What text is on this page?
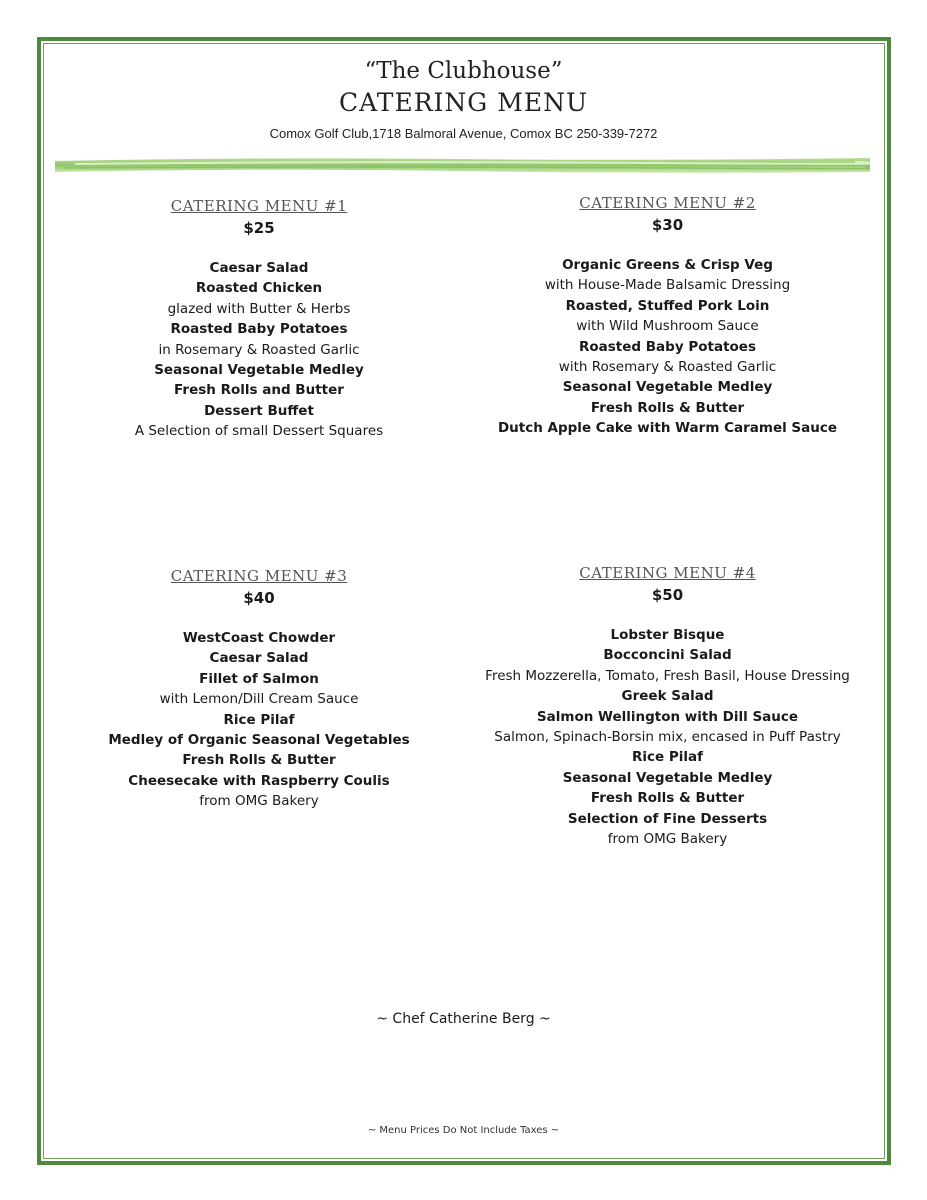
“The Clubhouse”
CATERING MENU
Comox Golf Club,1718 Balmoral Avenue, Comox BC 250-339-7272
CATERING MENU #1
$25
Caesar Salad
Roasted Chicken
glazed with Butter & Herbs
Roasted Baby Potatoes
in Rosemary & Roasted Garlic
Seasonal Vegetable Medley
Fresh Rolls and Butter
Dessert Buffet
A Selection of small Dessert Squares
CATERING MENU #2
$30
Organic Greens & Crisp Veg
with House-Made Balsamic Dressing
Roasted, Stuffed Pork Loin
with Wild Mushroom Sauce
Roasted Baby Potatoes
with Rosemary & Roasted Garlic
Seasonal Vegetable Medley
Fresh Rolls & Butter
Dutch Apple Cake with Warm Caramel Sauce
CATERING MENU #3
$40
WestCoast Chowder
Caesar Salad
Fillet of Salmon
with Lemon/Dill Cream Sauce
Rice Pilaf
Medley of Organic Seasonal Vegetables
Fresh Rolls & Butter
Cheesecake with Raspberry Coulis
from OMG Bakery
CATERING MENU #4
$50
Lobster Bisque
Bocconcini Salad
Fresh Mozzerella, Tomato, Fresh Basil, House Dressing
Greek Salad
Salmon Wellington with Dill Sauce
Salmon, Spinach-Borsin mix, encased in Puff Pastry
Rice Pilaf
Seasonal Vegetable Medley
Fresh Rolls & Butter
Selection of Fine Desserts
from OMG Bakery
~ Chef Catherine Berg ~
~ Menu Prices Do Not Include Taxes ~
